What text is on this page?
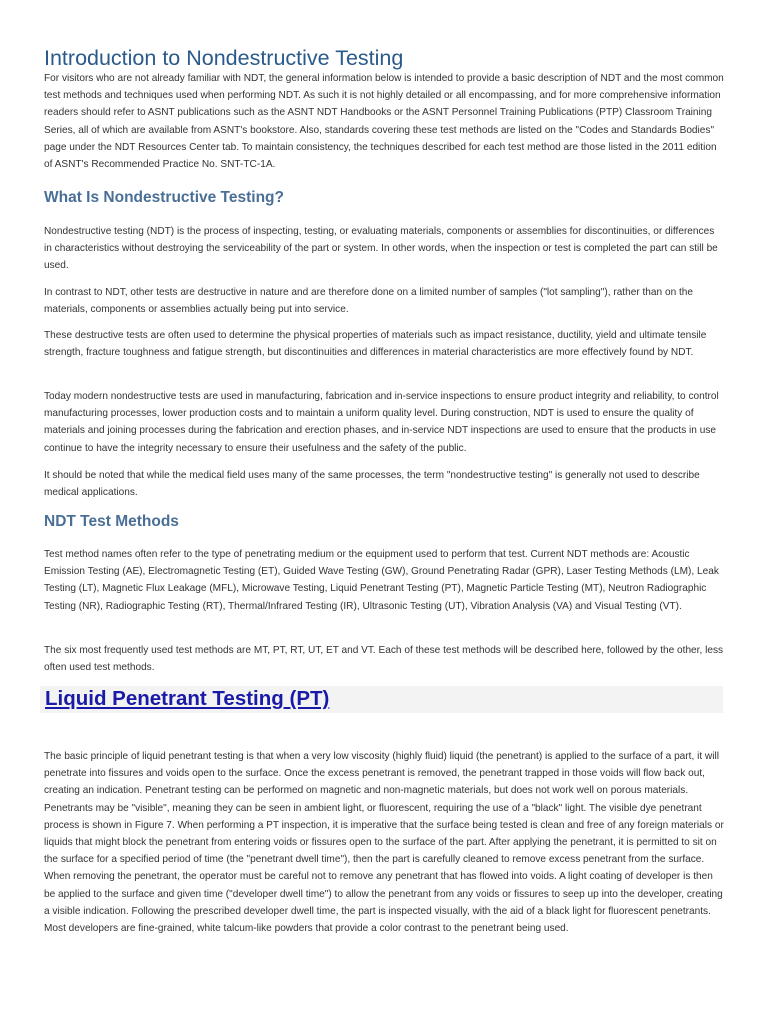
Introduction to Nondestructive Testing

For visitors who are not already familiar with NDT, the general information below is intended to provide a basic description of NDT and the most common test methods and techniques used when performing NDT. As such it is not highly detailed or all encompassing, and for more comprehensive information readers should refer to ASNT publications such as the ASNT NDT Handbooks or the ASNT Personnel Training Publications (PTP) Classroom Training Series, all of which are available from ASNT's bookstore. Also, standards covering these test methods are listed on the "Codes and Standards Bodies" page under the NDT Resources Center tab. To maintain consistency, the techniques described for each test method are those listed in the 2011 edition of ASNT's Recommended Practice No. SNT-TC-1A.

What Is Nondestructive Testing?

Nondestructive testing (NDT) is the process of inspecting, testing, or evaluating materials, components or assemblies for discontinuities, or differences in characteristics without destroying the serviceability of the part or system. In other words, when the inspection or test is completed the part can still be used.

In contrast to NDT, other tests are destructive in nature and are therefore done on a limited number of samples ("lot sampling"), rather than on the materials, components or assemblies actually being put into service.

These destructive tests are often used to determine the physical properties of materials such as impact resistance, ductility, yield and ultimate tensile strength, fracture toughness and fatigue strength, but discontinuities and differences in material characteristics are more effectively found by NDT.

Today modern nondestructive tests are used in manufacturing, fabrication and in-service inspections to ensure product integrity and reliability, to control manufacturing processes, lower production costs and to maintain a uniform quality level. During construction, NDT is used to ensure the quality of materials and joining processes during the fabrication and erection phases, and in-service NDT inspections are used to ensure that the products in use continue to have the integrity necessary to ensure their usefulness and the safety of the public.

It should be noted that while the medical field uses many of the same processes, the term "nondestructive testing" is generally not used to describe medical applications.

NDT Test Methods

Test method names often refer to the type of penetrating medium or the equipment used to perform that test. Current NDT methods are: Acoustic Emission Testing (AE), Electromagnetic Testing (ET), Guided Wave Testing (GW), Ground Penetrating Radar (GPR), Laser Testing Methods (LM), Leak Testing (LT), Magnetic Flux Leakage (MFL), Microwave Testing, Liquid Penetrant Testing (PT), Magnetic Particle Testing (MT), Neutron Radiographic Testing (NR), Radiographic Testing (RT), Thermal/Infrared Testing (IR), Ultrasonic Testing (UT), Vibration Analysis (VA) and Visual Testing (VT).

The six most frequently used test methods are MT, PT, RT, UT, ET and VT. Each of these test methods will be described here, followed by the other, less often used test methods.

Liquid Penetrant Testing (PT)

The basic principle of liquid penetrant testing is that when a very low viscosity (highly fluid) liquid (the penetrant) is applied to the surface of a part, it will penetrate into fissures and voids open to the surface. Once the excess penetrant is removed, the penetrant trapped in those voids will flow back out, creating an indication. Penetrant testing can be performed on magnetic and non-magnetic materials, but does not work well on porous materials. Penetrants may be "visible", meaning they can be seen in ambient light, or fluorescent, requiring the use of a "black" light. The visible dye penetrant process is shown in Figure 7. When performing a PT inspection, it is imperative that the surface being tested is clean and free of any foreign materials or liquids that might block the penetrant from entering voids or fissures open to the surface of the part. After applying the penetrant, it is permitted to sit on the surface for a specified period of time (the "penetrant dwell time"), then the part is carefully cleaned to remove excess penetrant from the surface. When removing the penetrant, the operator must be careful not to remove any penetrant that has flowed into voids. A light coating of developer is then be applied to the surface and given time ("developer dwell time") to allow the penetrant from any voids or fissures to seep up into the developer, creating a visible indication. Following the prescribed developer dwell time, the part is inspected visually, with the aid of a black light for fluorescent penetrants. Most developers are fine-grained, white talcum-like powders that provide a color contrast to the penetrant being used.
